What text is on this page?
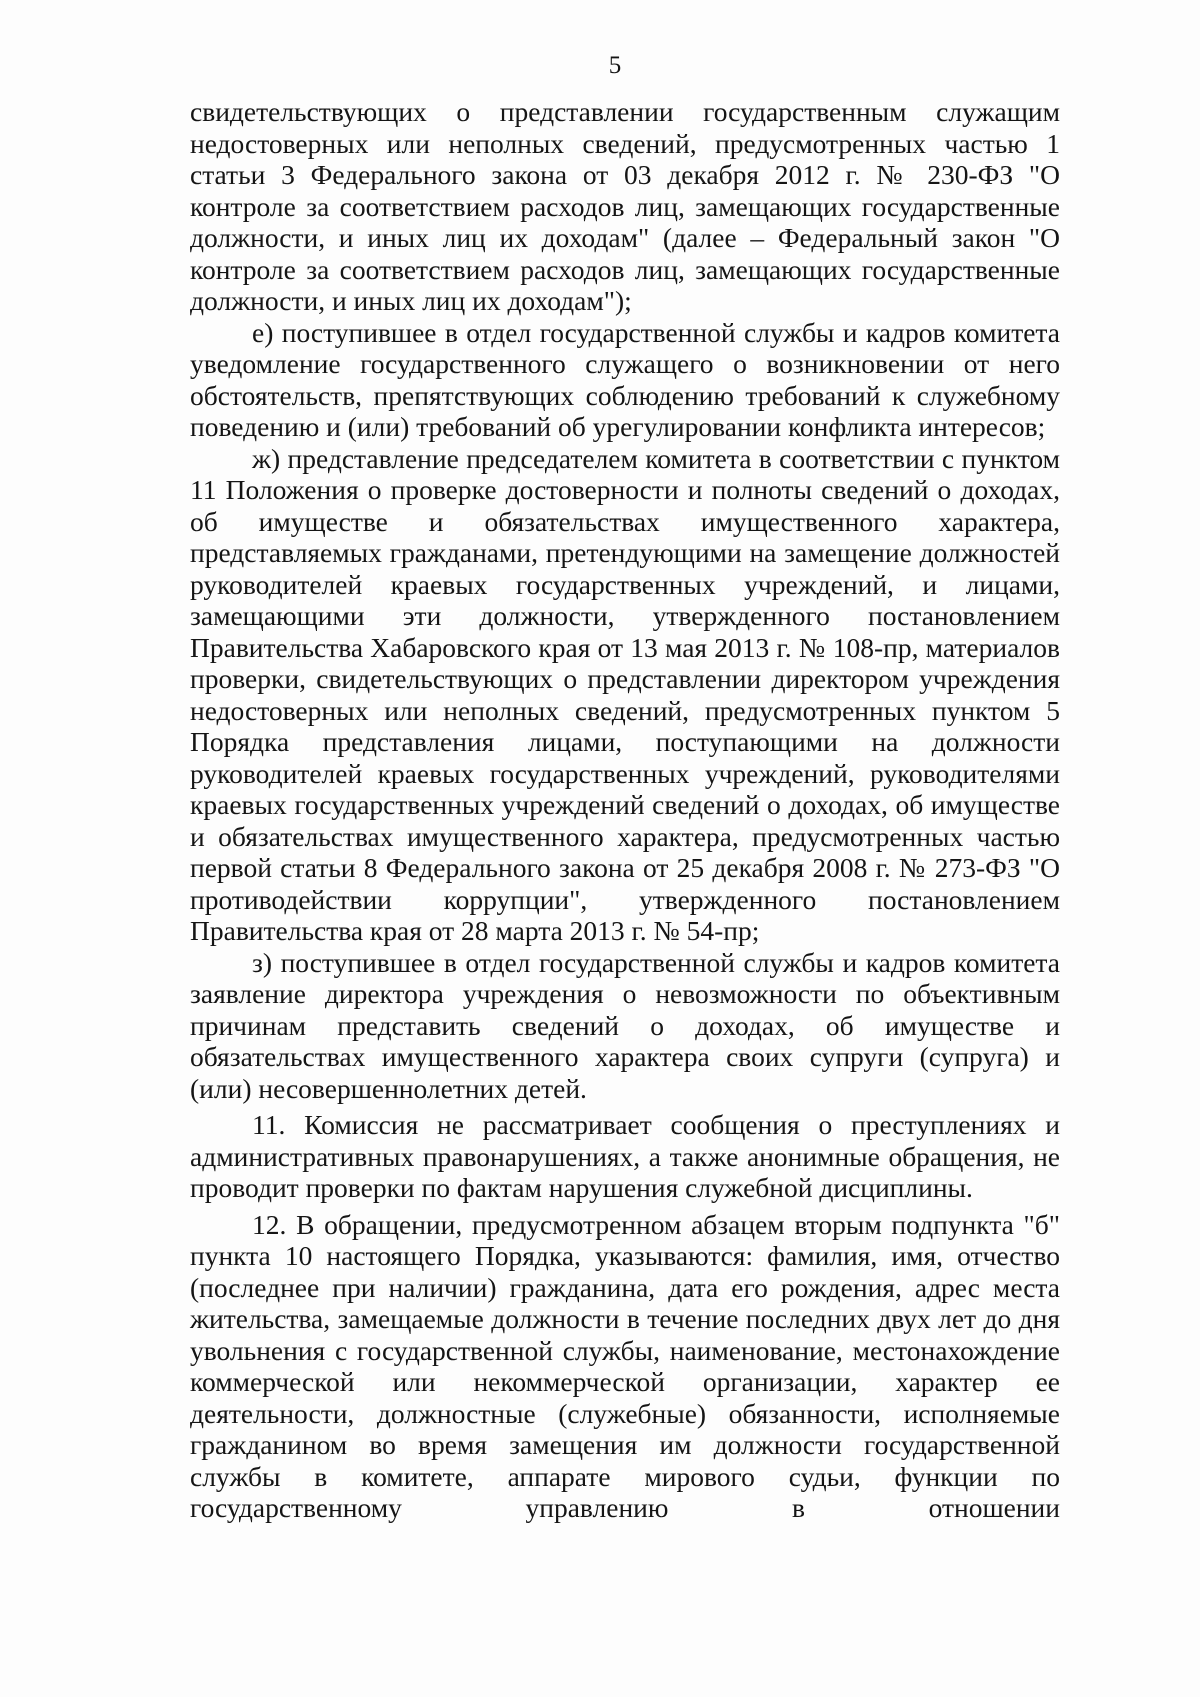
5

свидетельствующих о представлении государственным служащим недостоверных или неполных сведений, предусмотренных частью 1 статьи 3 Федерального закона от 03 декабря 2012 г. № 230-ФЗ "О контроле за соответствием расходов лиц, замещающих государственные должности, и иных лиц их доходам" (далее – Федеральный закон "О контроле за соответствием расходов лиц, замещающих государственные должности, и иных лиц их доходам");

е) поступившее в отдел государственной службы и кадров комитета уведомление государственного служащего о возникновении от него обстоятельств, препятствующих соблюдению требований к служебному поведению и (или) требований об урегулировании конфликта интересов;

ж) представление председателем комитета в соответствии с пунктом 11 Положения о проверке достоверности и полноты сведений о доходах, об имуществе и обязательствах имущественного характера, представляемых гражданами, претендующими на замещение должностей руководителей краевых государственных учреждений, и лицами, замещающими эти должности, утвержденного постановлением Правительства Хабаровского края от 13 мая 2013 г. № 108-пр, материалов проверки, свидетельствующих о представлении директором учреждения недостоверных или неполных сведений, предусмотренных пунктом 5 Порядка представления лицами, поступающими на должности руководителей краевых государственных учреждений, руководителями краевых государственных учреждений сведений о доходах, об имуществе и обязательствах имущественного характера, предусмотренных частью первой статьи 8 Федерального закона от 25 декабря 2008 г. № 273-ФЗ "О противодействии коррупции", утвержденного постановлением Правительства края от 28 марта 2013 г. № 54-пр;

з) поступившее в отдел государственной службы и кадров комитета заявление директора учреждения о невозможности по объективным причинам представить сведений о доходах, об имуществе и обязательствах имущественного характера своих супруги (супруга) и (или) несовершеннолетних детей.

11. Комиссия не рассматривает сообщения о преступлениях и административных правонарушениях, а также анонимные обращения, не проводит проверки по фактам нарушения служебной дисциплины.

12. В обращении, предусмотренном абзацем вторым подпункта "б" пункта 10 настоящего Порядка, указываются: фамилия, имя, отчество (последнее при наличии) гражданина, дата его рождения, адрес места жительства, замещаемые должности в течение последних двух лет до дня увольнения с государственной службы, наименование, местонахождение коммерческой или некоммерческой организации, характер ее деятельности, должностные (служебные) обязанности, исполняемые гражданином во время замещения им должности государственной службы в комитете, аппарате мирового судьи, функции по государственному управлению в отношении
